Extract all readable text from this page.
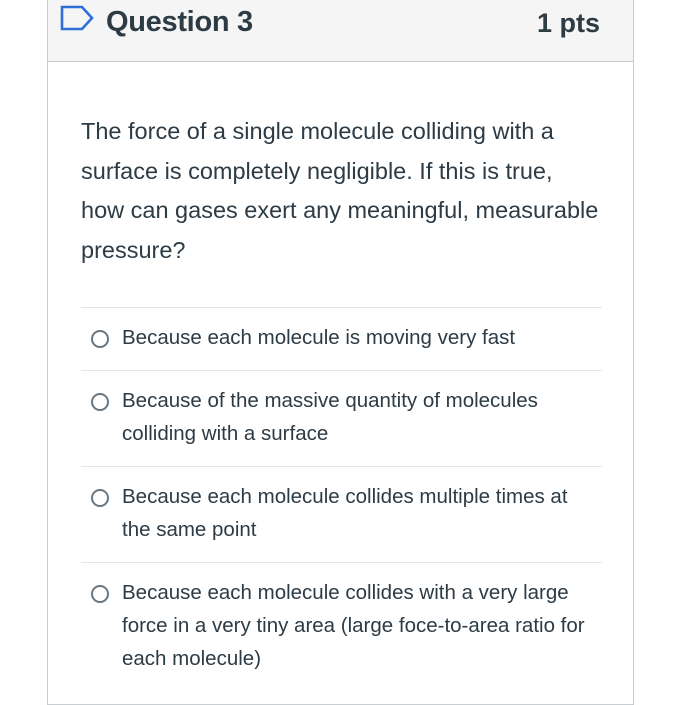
Question 3	1 pts
The force of a single molecule colliding with a surface is completely negligible. If this is true, how can gases exert any meaningful, measurable pressure?
Because each molecule is moving very fast
Because of the massive quantity of molecules colliding with a surface
Because each molecule collides multiple times at the same point
Because each molecule collides with a very large force in a very tiny area (large foce-to-area ratio for each molecule)
